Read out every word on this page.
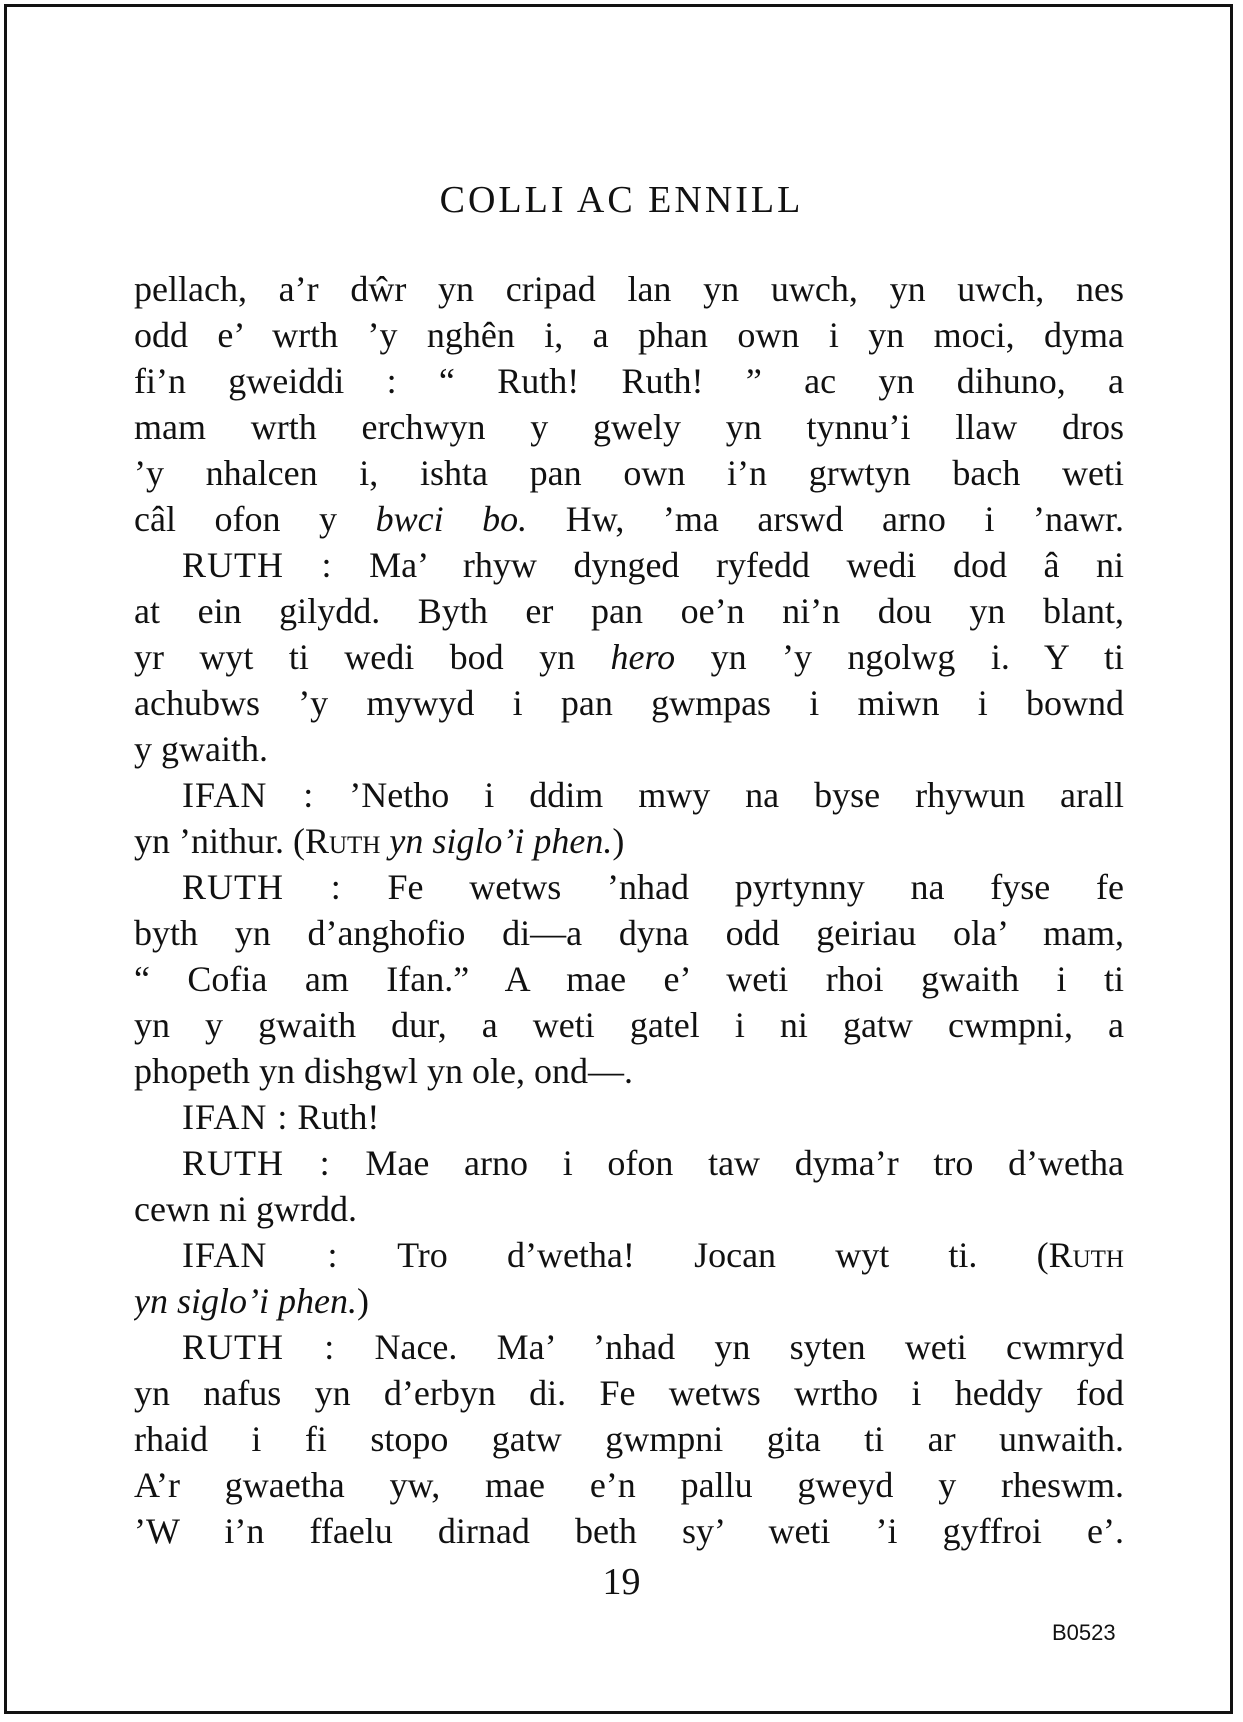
COLLI AC ENNILL
pellach, a’r dŵr yn cripad lan yn uwch, yn uwch, nes
odd e’ wrth ’y nghên i, a phan own i yn moci, dyma
fi’n gweiddi : “ Ruth! Ruth! ” ac yn dihuno, a
mam wrth erchwyn y gwely yn tynnu’i llaw dros
’y nhalcen i, ishta pan own i’n grwtyn bach weti
câl ofon y bwci bo. Hw, ’ma arswd arno i ’nawr.
RUTH : Ma’ rhyw dynged ryfedd wedi dod â ni
at ein gilydd. Byth er pan oe’n ni’n dou yn blant,
yr wyt ti wedi bod yn hero yn ’y ngolwg i. Y ti
achubws ’y mywyd i pan gwmpas i miwn i bownd
y gwaith.
IFAN : ’Netho i ddim mwy na byse rhywun arall
yn ’nithur. (Ruth yn siglo’i phen.)
RUTH : Fe wetws ’nhad pyrtynny na fyse fe
byth yn d’anghofio di—a dyna odd geiriau ola’ mam,
“ Cofia am Ifan.” A mae e’ weti rhoi gwaith i ti
yn y gwaith dur, a weti gatel i ni gatw cwmpni, a
phopeth yn dishgwl yn ole, ond—.
IFAN : Ruth!
RUTH : Mae arno i ofon taw dyma’r tro d’wetha
cewn ni gwrdd.
IFAN : Tro d’wetha! Jocan wyt ti. (Ruth
yn siglo’i phen.)
RUTH : Nace. Ma’ ’nhad yn syten weti cwmryd
yn nafus yn d’erbyn di. Fe wetws wrtho i heddy fod
rhaid i fi stopo gatw gwmpni gita ti ar unwaith.
A’r gwaetha yw, mae e’n pallu gweyd y rheswm.
’W i’n ffaelu dirnad beth sy’ weti ’i gyffroi e’.
19
B0523
